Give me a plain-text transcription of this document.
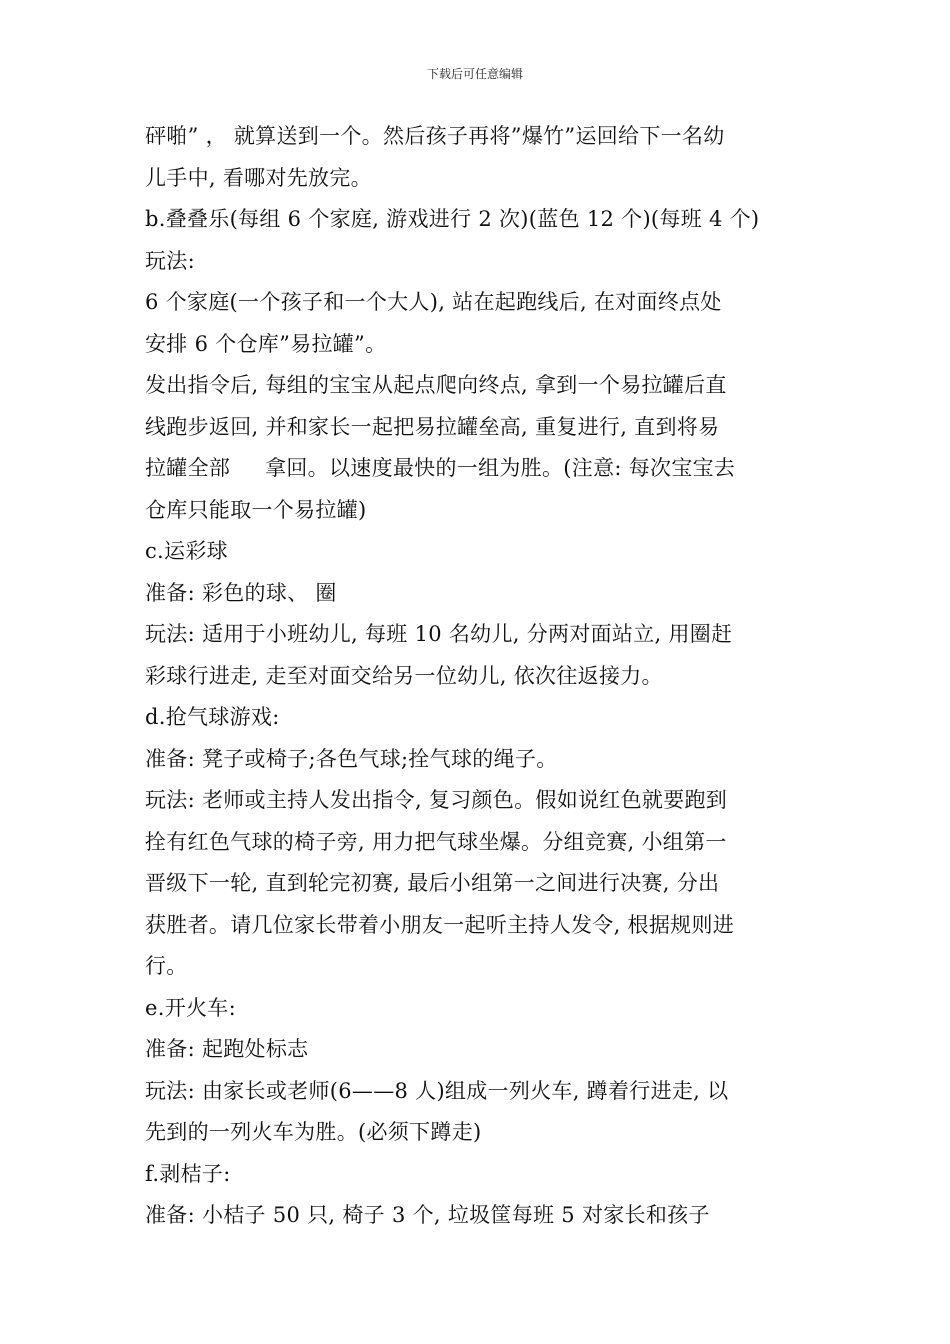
下载后可任意编辑
砰啪” ， 就算送到一个。然后孩子再将”爆竹”运回给下一名幼
儿手中, 看哪对先放完。
b.叠叠乐(每组 6 个家庭, 游戏进行 2 次)(蓝色 12 个)(每班 4 个)
玩法:
6 个家庭(一个孩子和一个大人), 站在起跑线后, 在对面终点处
安排 6 个仓库”易拉罐”。
发出指令后, 每组的宝宝从起点爬向终点, 拿到一个易拉罐后直
线跑步返回, 并和家长一起把易拉罐垒高, 重复进行, 直到将易
拉罐全部     拿回。以速度最快的一组为胜。(注意: 每次宝宝去
仓库只能取一个易拉罐)
c.运彩球
准备: 彩色的球、 圈
玩法: 适用于小班幼儿, 每班 10 名幼儿, 分两对面站立, 用圈赶
彩球行进走, 走至对面交给另一位幼儿, 依次往返接力。
d.抢气球游戏:
准备: 凳子或椅子;各色气球;拴气球的绳子。
玩法: 老师或主持人发出指令, 复习颜色。假如说红色就要跑到
拴有红色气球的椅子旁, 用力把气球坐爆。分组竞赛, 小组第一
晋级下一轮, 直到轮完初赛, 最后小组第一之间进行决赛, 分出
获胜者。请几位家长带着小朋友一起听主持人发令, 根据规则进
行。
e.开火车:
准备: 起跑处标志
玩法: 由家长或老师(6——8 人)组成一列火车, 蹲着行进走, 以
先到的一列火车为胜。(必须下蹲走)
f.剥桔子:
准备: 小桔子 50 只, 椅子 3 个, 垃圾筐每班 5 对家长和孩子
